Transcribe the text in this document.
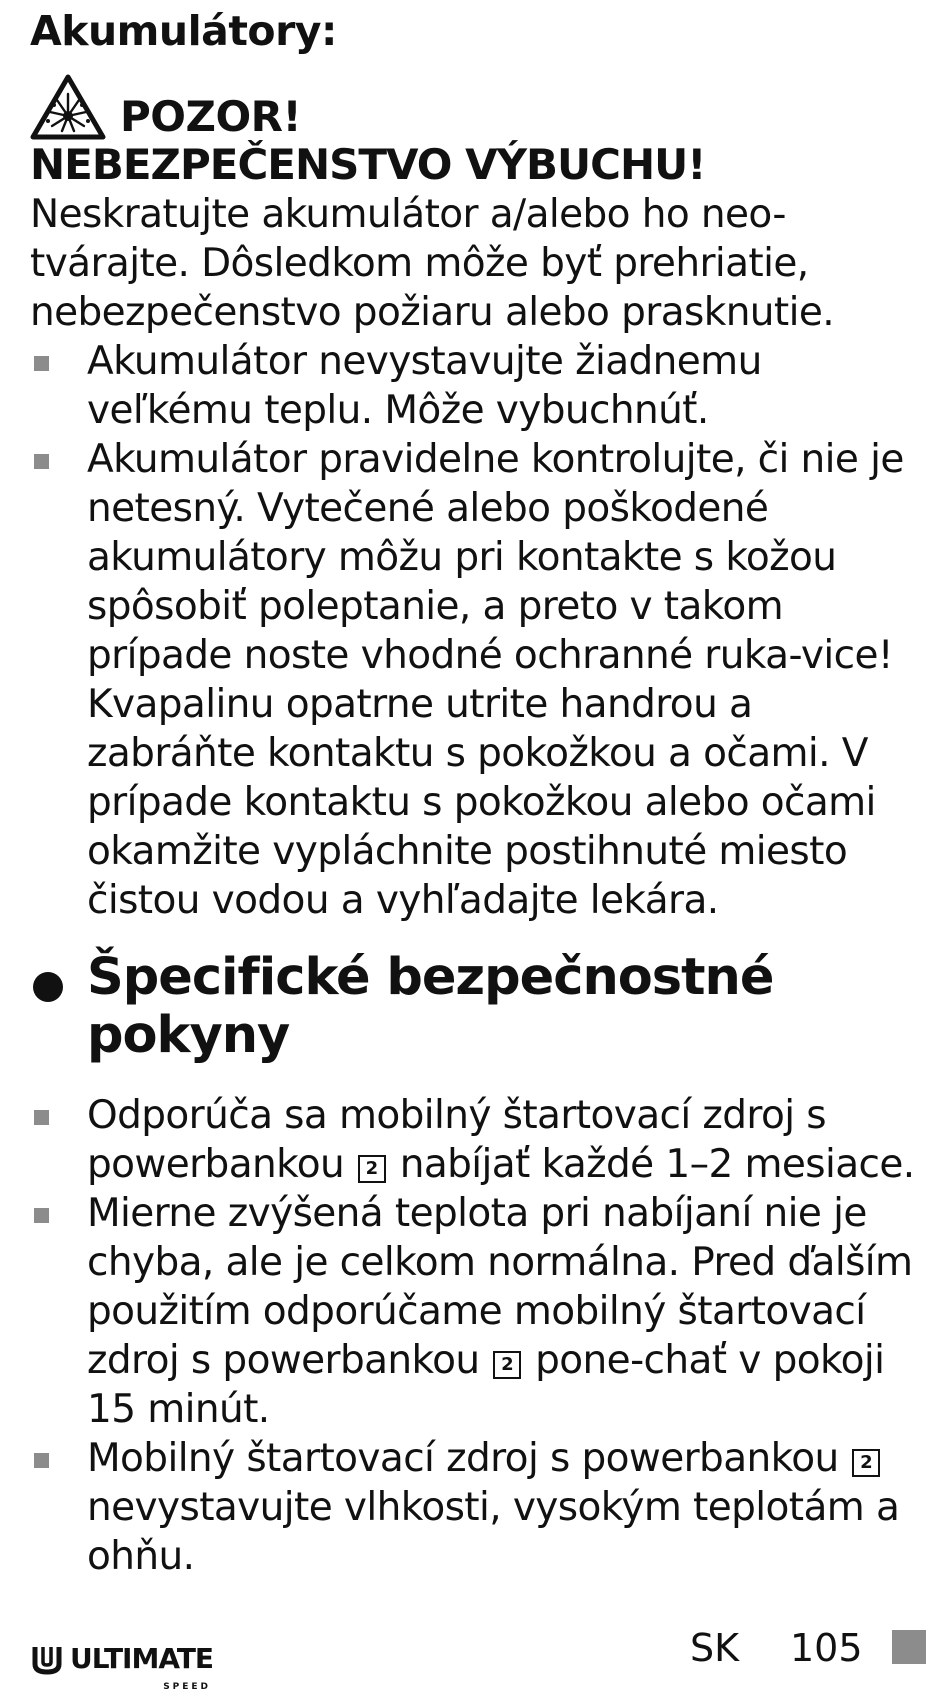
Akumulátory:
POZOR!

NEBEZPEČENSTVO VÝBUCHU!

Neskratujte akumulátor a/alebo ho neo-tvárajte. Dôsledkom môže byť prehriatie, nebezpečenstvo požiaru alebo prasknutie.

Akumulátor nevystavujte žiadnemu veľkému teplu. Môže vybuchnúť.
Akumulátor pravidelne kontrolujte, či nie je netesný. Vytečené alebo poškodené akumulátory môžu pri kontakte s kožou spôsobiť poleptanie, a preto v takom prípade noste vhodné ochranné ruka-vice! Kvapalinu opatrne utrite handrou a zabráňte kontaktu s pokožkou a očami. V prípade kontaktu s pokožkou alebo očami okamžite vypláchnite postihnuté miesto čistou vodou a vyhľadajte lekára.
Špecifické bezpečnostné pokyny
Odporúča sa mobilný štartovací zdroj s powerbankou 2 nabíjať každé 1–2 mesiace.
Mierne zvýšená teplota pri nabíjaní nie je chyba, ale je celkom normálna. Pred ďalším použitím odporúčame mobilný štartovací zdroj s powerbankou 2 pone-chať v pokoji 15 minút.
Mobilný štartovací zdroj s powerbankou 2 nevystavujte vlhkosti, vysokým teplotám a ohňu.
ULTIMATE
SPEED
SK 105
